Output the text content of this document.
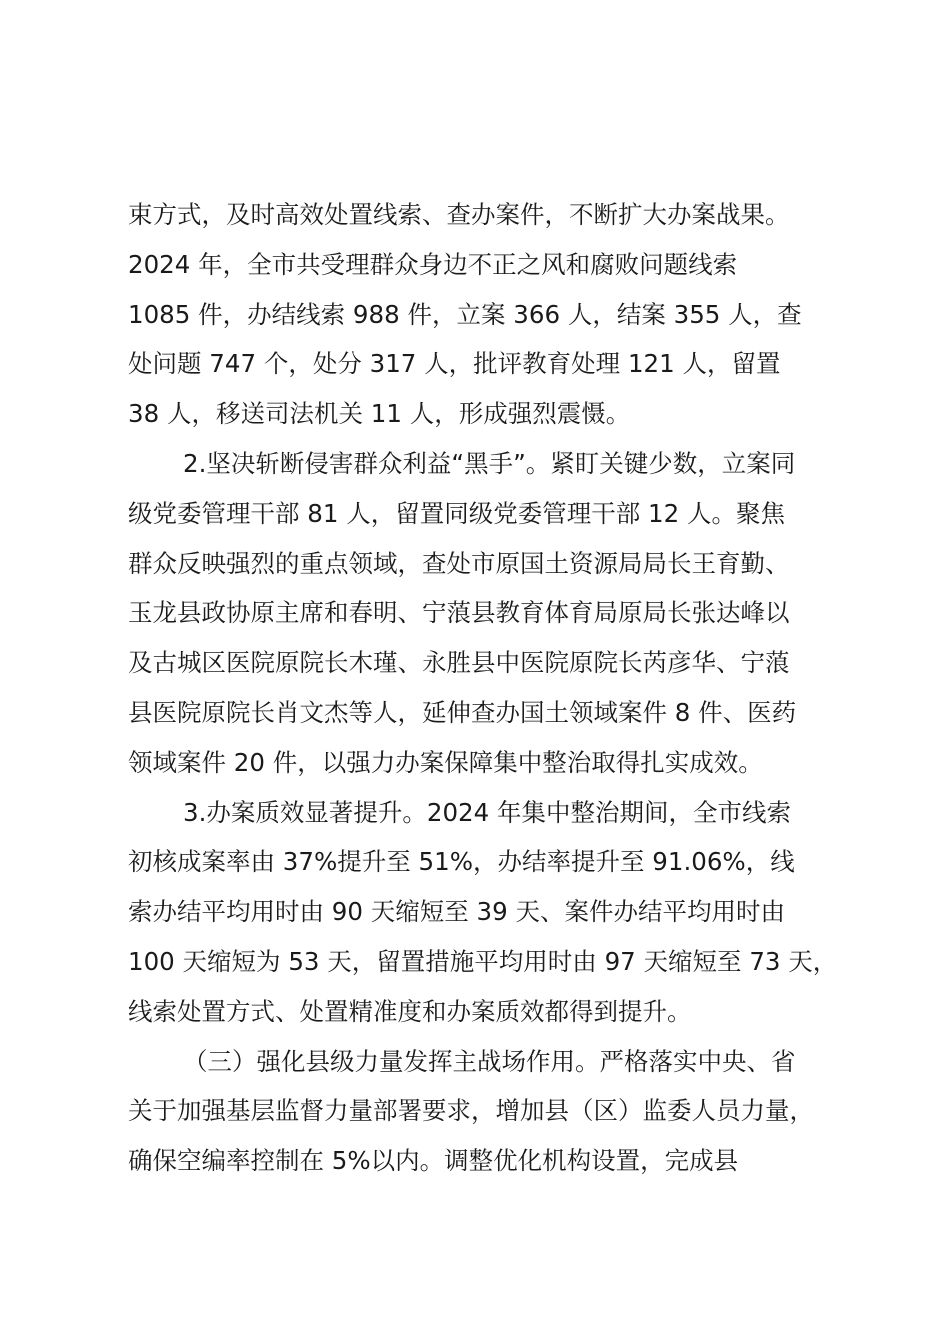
束方式，及时高效处置线索、查办案件，不断扩大办案战果。
2024 年，全市共受理群众身边不正之风和腐败问题线索
1085 件，办结线索 988 件，立案 366 人，结案 355 人，查
处问题 747 个，处分 317 人，批评教育处理 121 人，留置
38 人，移送司法机关 11 人，形成强烈震慑。
2.坚决斩断侵害群众利益“黑手”。紧盯关键少数，立案同
级党委管理干部 81 人，留置同级党委管理干部 12 人。聚焦
群众反映强烈的重点领域，查处市原国土资源局局长王育勤、
玉龙县政协原主席和春明、宁蒗县教育体育局原局长张达峰以
及古城区医院原院长木瑾、永胜县中医院原院长芮彦华、宁蒗
县医院原院长肖文杰等人，延伸查办国土领域案件 8 件、医药
领域案件 20 件，以强力办案保障集中整治取得扎实成效。
3.办案质效显著提升。2024 年集中整治期间，全市线索
初核成案率由 37%提升至 51%，办结率提升至 91.06%，线
索办结平均用时由 90 天缩短至 39 天、案件办结平均用时由
100 天缩短为 53 天，留置措施平均用时由 97 天缩短至 73 天，
线索处置方式、处置精准度和办案质效都得到提升。
（三）强化县级力量发挥主战场作用。严格落实中央、省
关于加强基层监督力量部署要求，增加县（区）监委人员力量，
确保空编率控制在 5%以内。调整优化机构设置，完成县
